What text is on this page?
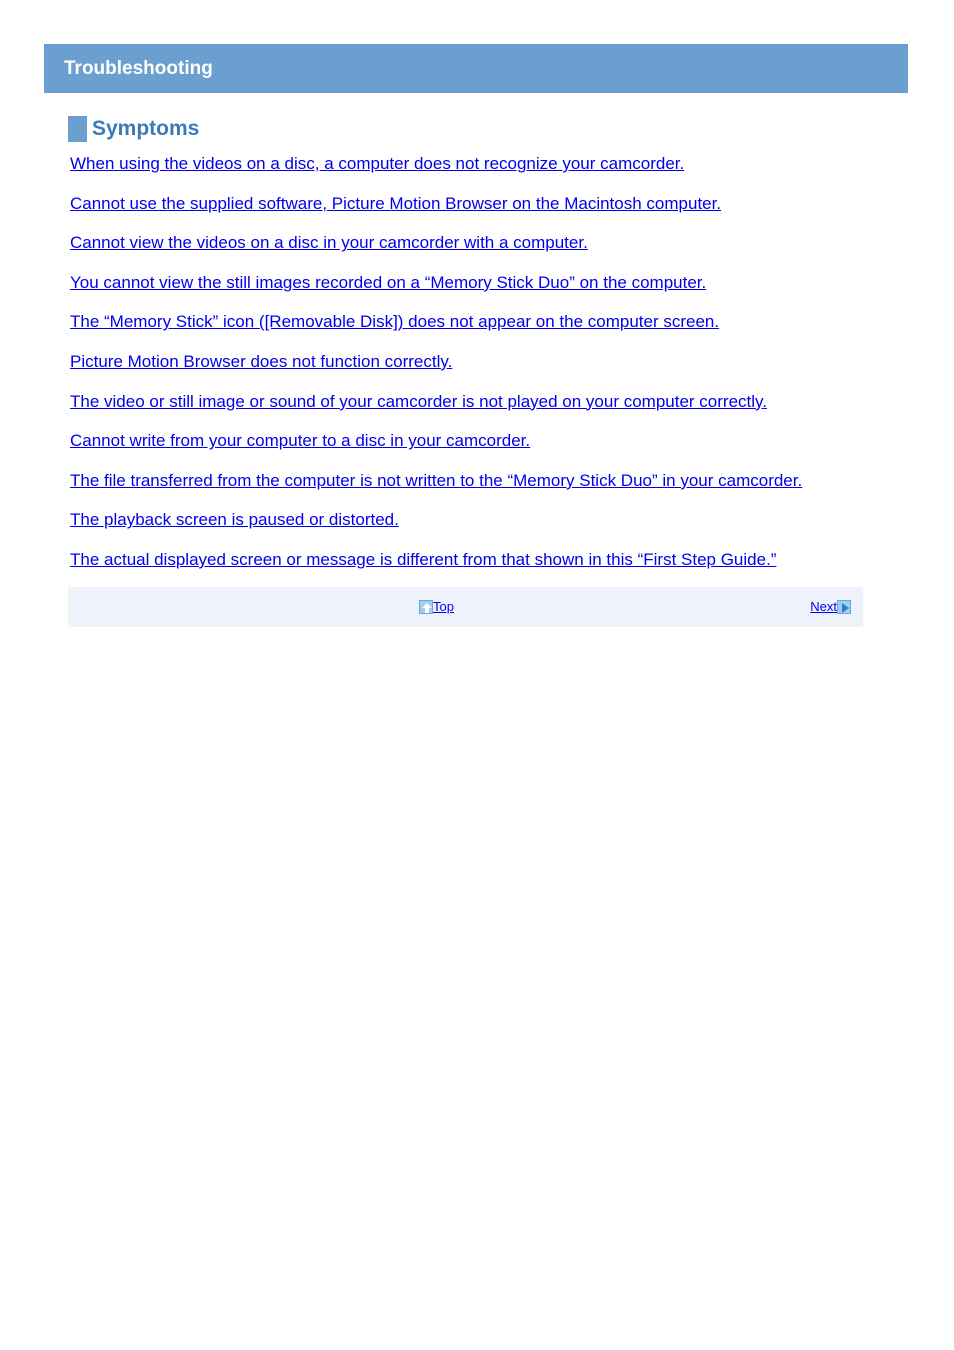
Troubleshooting
Symptoms
When using the videos on a disc, a computer does not recognize your camcorder.
Cannot use the supplied software, Picture Motion Browser on the Macintosh computer.
Cannot view the videos on a disc in your camcorder with a computer.
You cannot view the still images recorded on a “Memory Stick Duo” on the computer.
The “Memory Stick” icon ([Removable Disk]) does not appear on the computer screen.
Picture Motion Browser does not function correctly.
The video or still image or sound of your camcorder is not played on your computer correctly.
Cannot write from your computer to a disc in your camcorder.
The file transferred from the computer is not written to the “Memory Stick Duo” in your camcorder.
The playback screen is paused or distorted.
The actual displayed screen or message is different from that shown in this “First Step Guide.”
Top	Next
